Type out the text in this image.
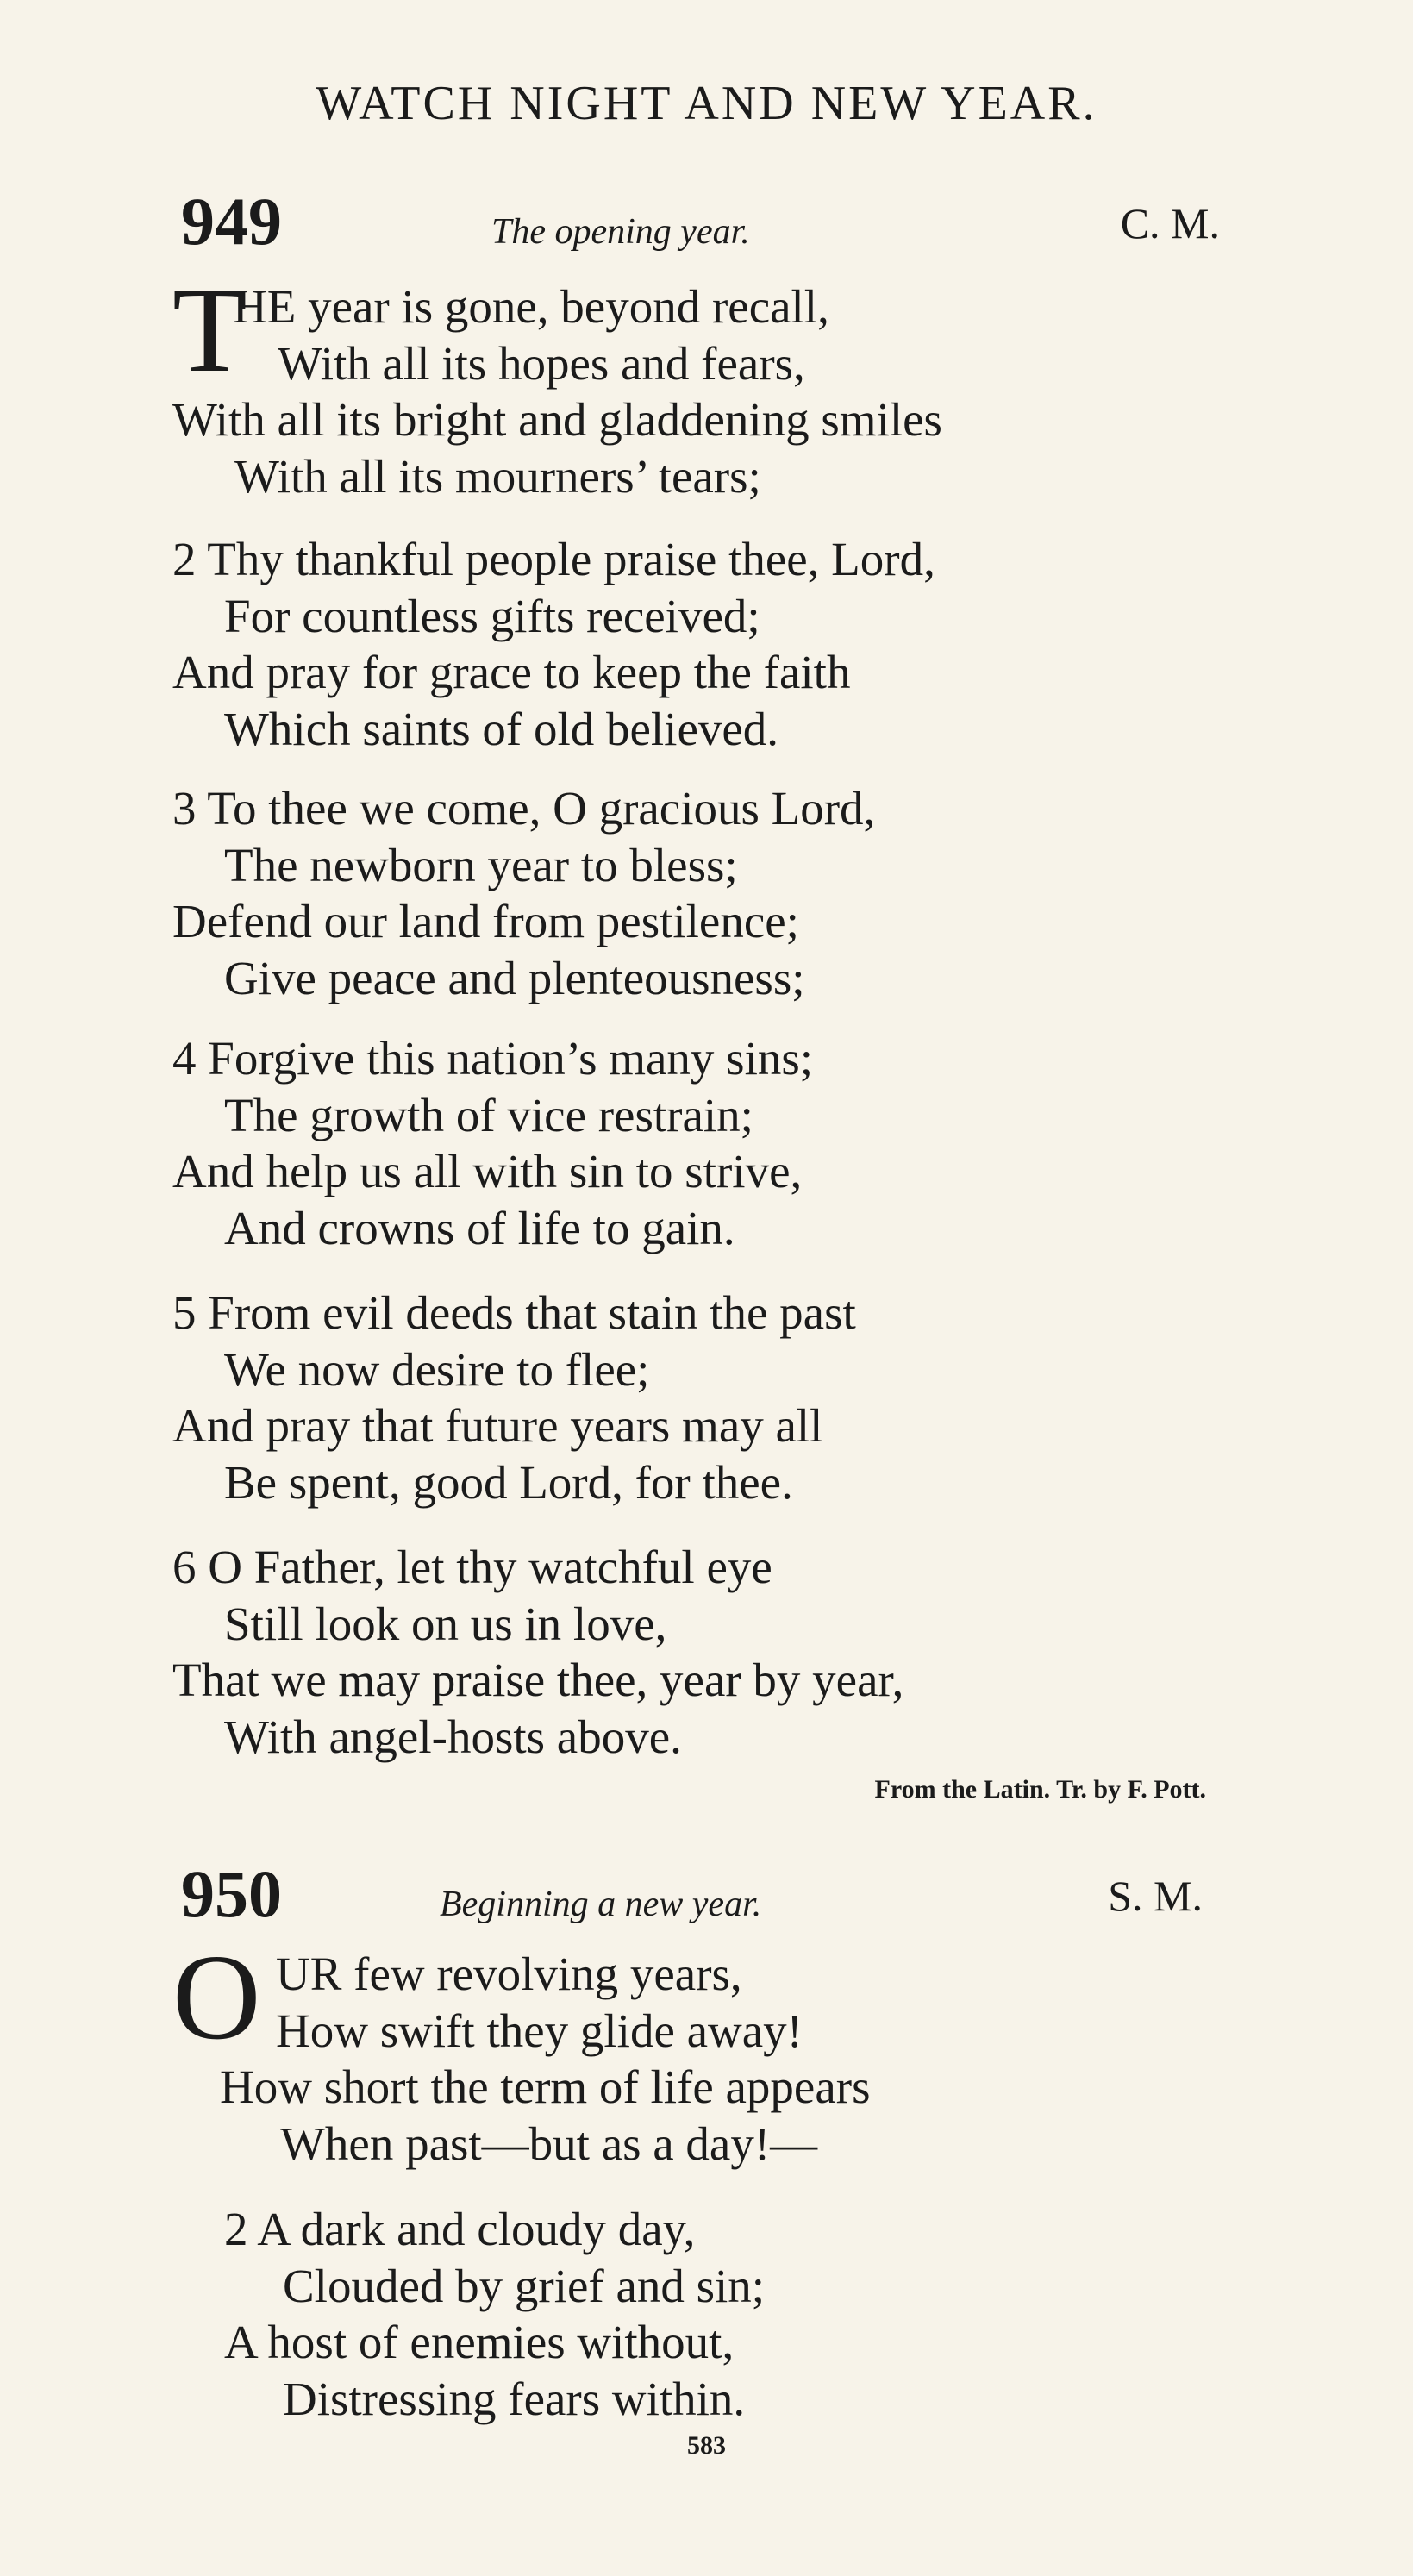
WATCH NIGHT AND NEW YEAR.
949	The opening year.	C. M.
T
HE year is gone, beyond recall,
With all its hopes and fears,
With all its bright and gladdening smiles
With all its mourners’ tears;
2 Thy thankful people praise thee, Lord,
For countless gifts received;
And pray for grace to keep the faith
Which saints of old believed.
3 To thee we come, O gracious Lord,
The newborn year to bless;
Defend our land from pestilence;
Give peace and plenteousness;
4 Forgive this nation’s many sins;
The growth of vice restrain;
And help us all with sin to strive,
And crowns of life to gain.
5 From evil deeds that stain the past
We now desire to flee;
And pray that future years may all
Be spent, good Lord, for thee.
6 O Father, let thy watchful eye
Still look on us in love,
That we may praise thee, year by year,
With angel-hosts above.
From the Latin. Tr. by F. Pott.
950	Beginning a new year.	S. M.
O UR few revolving years,
How swift they glide away!
How short the term of life appears
When past—but as a day!—
2 A dark and cloudy day,
Clouded by grief and sin;
A host of enemies without,
Distressing fears within.
583
